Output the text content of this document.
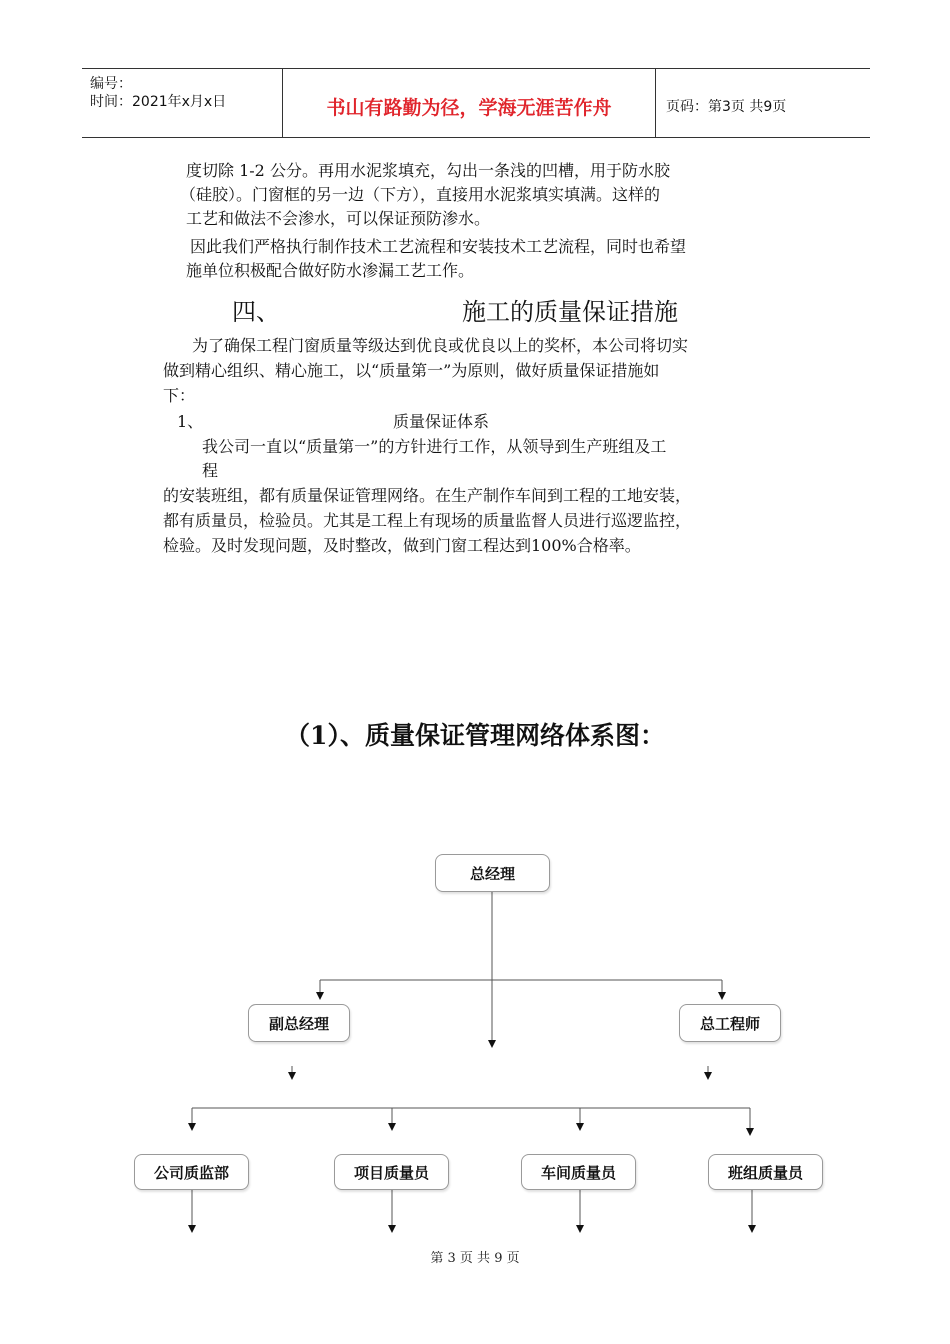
编号：
时间：2021年x月x日	书山有路勤为径，学海无涯苦作舟	页码：第3页 共9页
度切除 1-2 公分。再用水泥浆填充，勾出一条浅的凹槽，用于防水胶
（硅胶）。门窗框的另一边（下方），直接用水泥浆填实填满。这样的
工艺和做法不会渗水，可以保证预防渗水。
因此我们严格执行制作技术工艺流程和安装技术工艺流程，同时也希望
施单位积极配合做好防水渗漏工艺工作。
四、	施工的质量保证措施
为了确保工程门窗质量等级达到优良或优良以上的奖杯，本公司将切实
做到精心组织、精心施工，以“质量第一”为原则，做好质量保证措施如
下：
1、	质量保证体系
我公司一直以“质量第一”的方针进行工作，从领导到生产班组及工
程
的安装班组，都有质量保证管理网络。在生产制作车间到工程的工地安装，
都有质量员，检验员。尤其是工程上有现场的质量监督人员进行巡逻监控，
检验。及时发现问题，及时整改，做到门窗工程达到100%合格率。
（1）、质量保证管理网络体系图：
总经理
副总经理	总工程师
公司质监部	项目质量员	车间质量员	班组质量员
第 3 页 共 9 页
